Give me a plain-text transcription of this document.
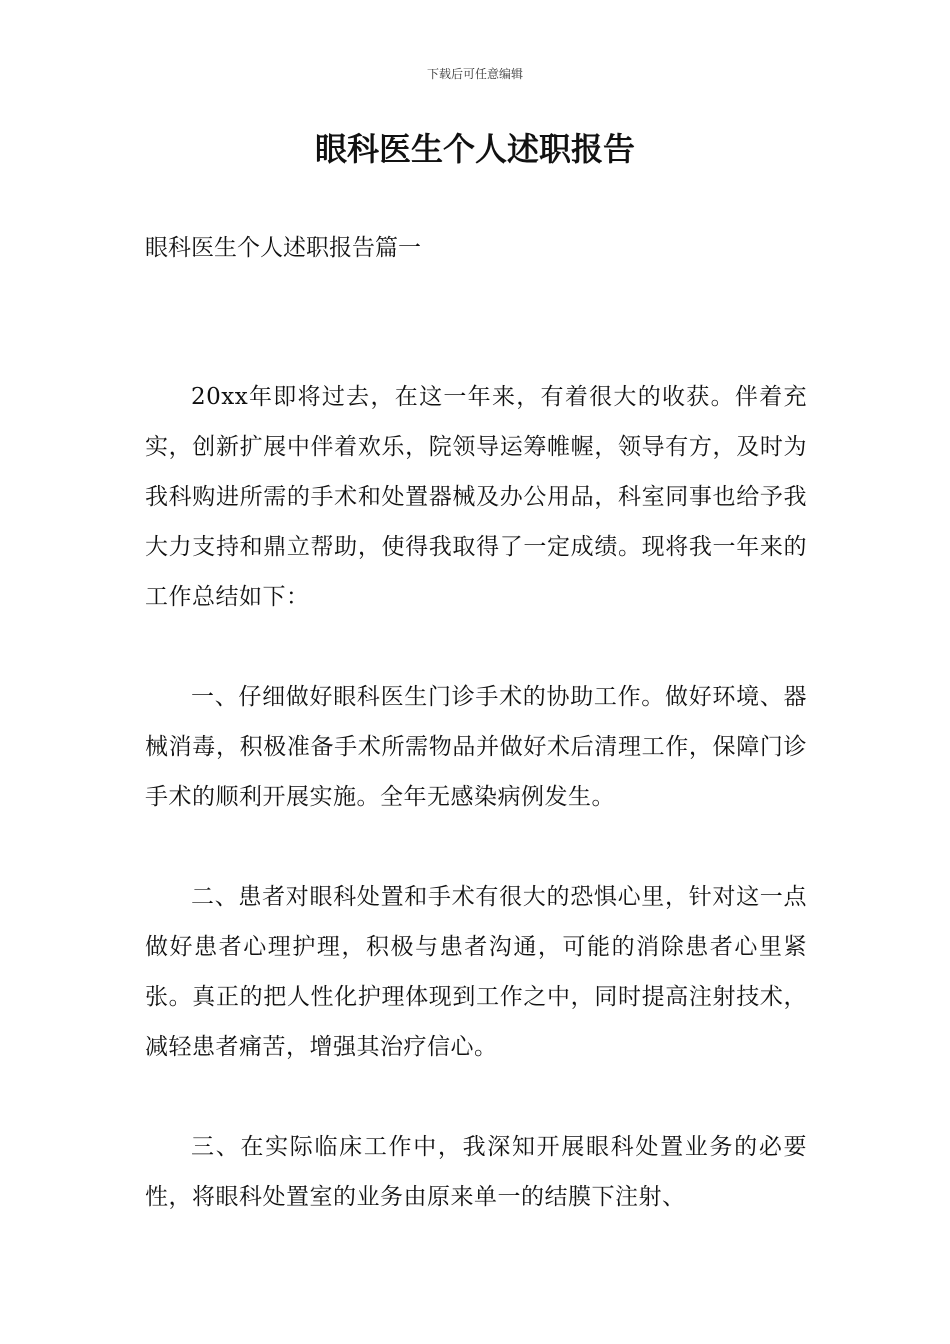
下载后可任意编辑
眼科医生个人述职报告
眼科医生个人述职报告篇一

20xx年即将过去，在这一年来，有着很大的收获。伴着充实，创新扩展中伴着欢乐，院领导运筹帷幄，领导有方，及时为我科购进所需的手术和处置器械及办公用品，科室同事也给予我大力支持和鼎立帮助，使得我取得了一定成绩。现将我一年来的工作总结如下：

一、仔细做好眼科医生门诊手术的协助工作。做好环境、器械消毒，积极准备手术所需物品并做好术后清理工作，保障门诊手术的顺利开展实施。全年无感染病例发生。

二、患者对眼科处置和手术有很大的恐惧心里，针对这一点做好患者心理护理，积极与患者沟通，可能的消除患者心里紧张。真正的把人性化护理体现到工作之中，同时提高注射技术，减轻患者痛苦，增强其治疗信心。

三、在实际临床工作中，我深知开展眼科处置业务的必要性，将眼科处置室的业务由原来单一的结膜下注射、
